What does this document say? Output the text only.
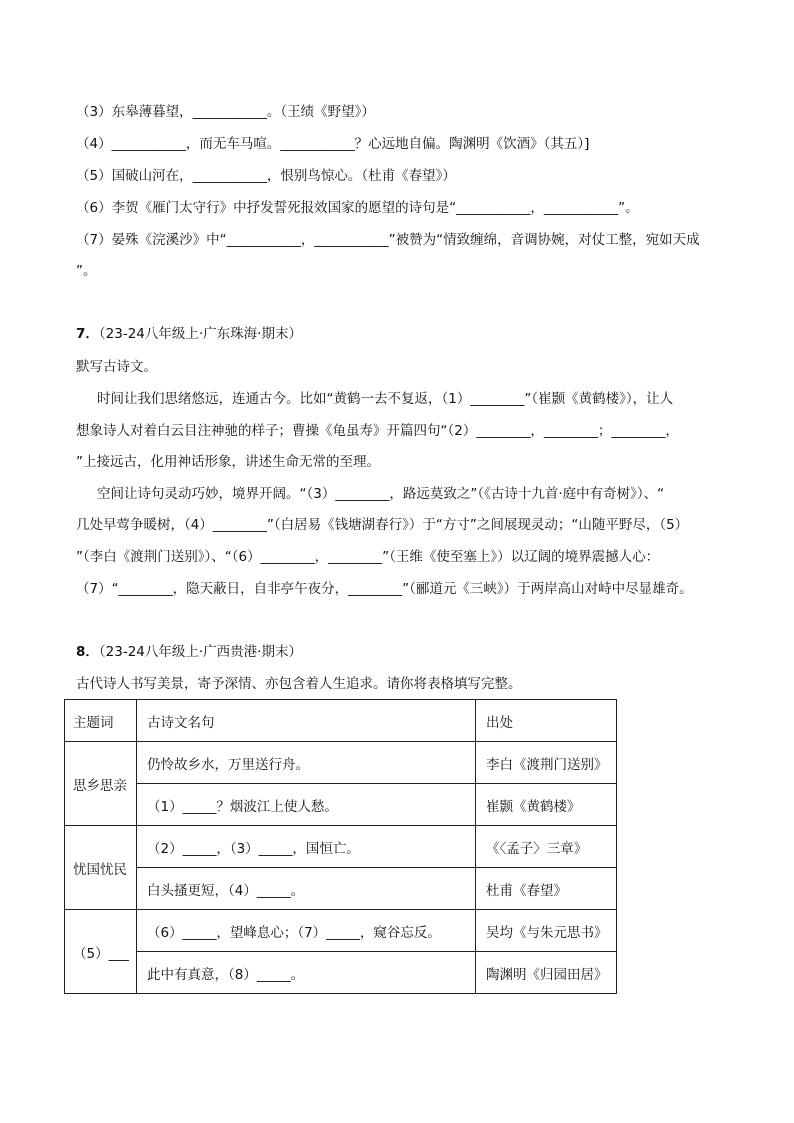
（3）东皋薄暮望，___________。（王绩《野望》）
（4）___________，而无车马喧。___________？心远地自偏。陶渊明《饮酒》（其五）]
（5）国破山河在，___________，恨别鸟惊心。（杜甫《春望》）
（6）李贺《雁门太守行》中抒发誓死报效国家的愿望的诗句是“___________，___________”。
（7）晏殊《浣溪沙》中“___________，___________”被赞为“情致缠绵，音调协婉，对仗工整，宛如天成
”。
7．（23-24八年级上·广东珠海·期末）
默写古诗文。
时间让我们思绪悠远，连通古今。比如“黄鹤一去不复返，（1）________”（崔颢《黄鹤楼》），让人
想象诗人对着白云目注神驰的样子；曹操《龟虽寿》开篇四句“（2）________，________；________，
”上接远古，化用神话形象，讲述生命无常的至理。
空间让诗句灵动巧妙，境界开阔。“（3）________，路远莫致之”（《古诗十九首·庭中有奇树》）、“
几处早莺争暖树，（4）________”（白居易《钱塘湖春行》）于“方寸”之间展现灵动；“山随平野尽，（5）
”（李白《渡荆门送别》）、“（6）________，________”（王维《使至塞上》）以辽阔的境界震撼人心：
（7）“________，隐天蔽日，自非亭午夜分，________”（郦道元《三峡》）于两岸高山对峙中尽显雄奇。
8．（23-24八年级上·广西贵港·期末）
古代诗人书写美景，寄予深情、亦包含着人生追求。请你将表格填写完整。
主题词	古诗文名句	出处
思乡思亲	仍怜故乡水，万里送行舟。	李白《渡荆门送别》
	（1）_____？烟波江上使人愁。	崔颢《黄鹤楼》
忧国忧民	（2）_____，（3）_____，国恒亡。	《〈孟子〉三章》
	白头搔更短，（4）_____。	杜甫《春望》
（5）___	（6）_____，望峰息心；（7）_____，窥谷忘反。	吴均《与朱元思书》
	此中有真意，（8）_____。	陶渊明《归园田居》
